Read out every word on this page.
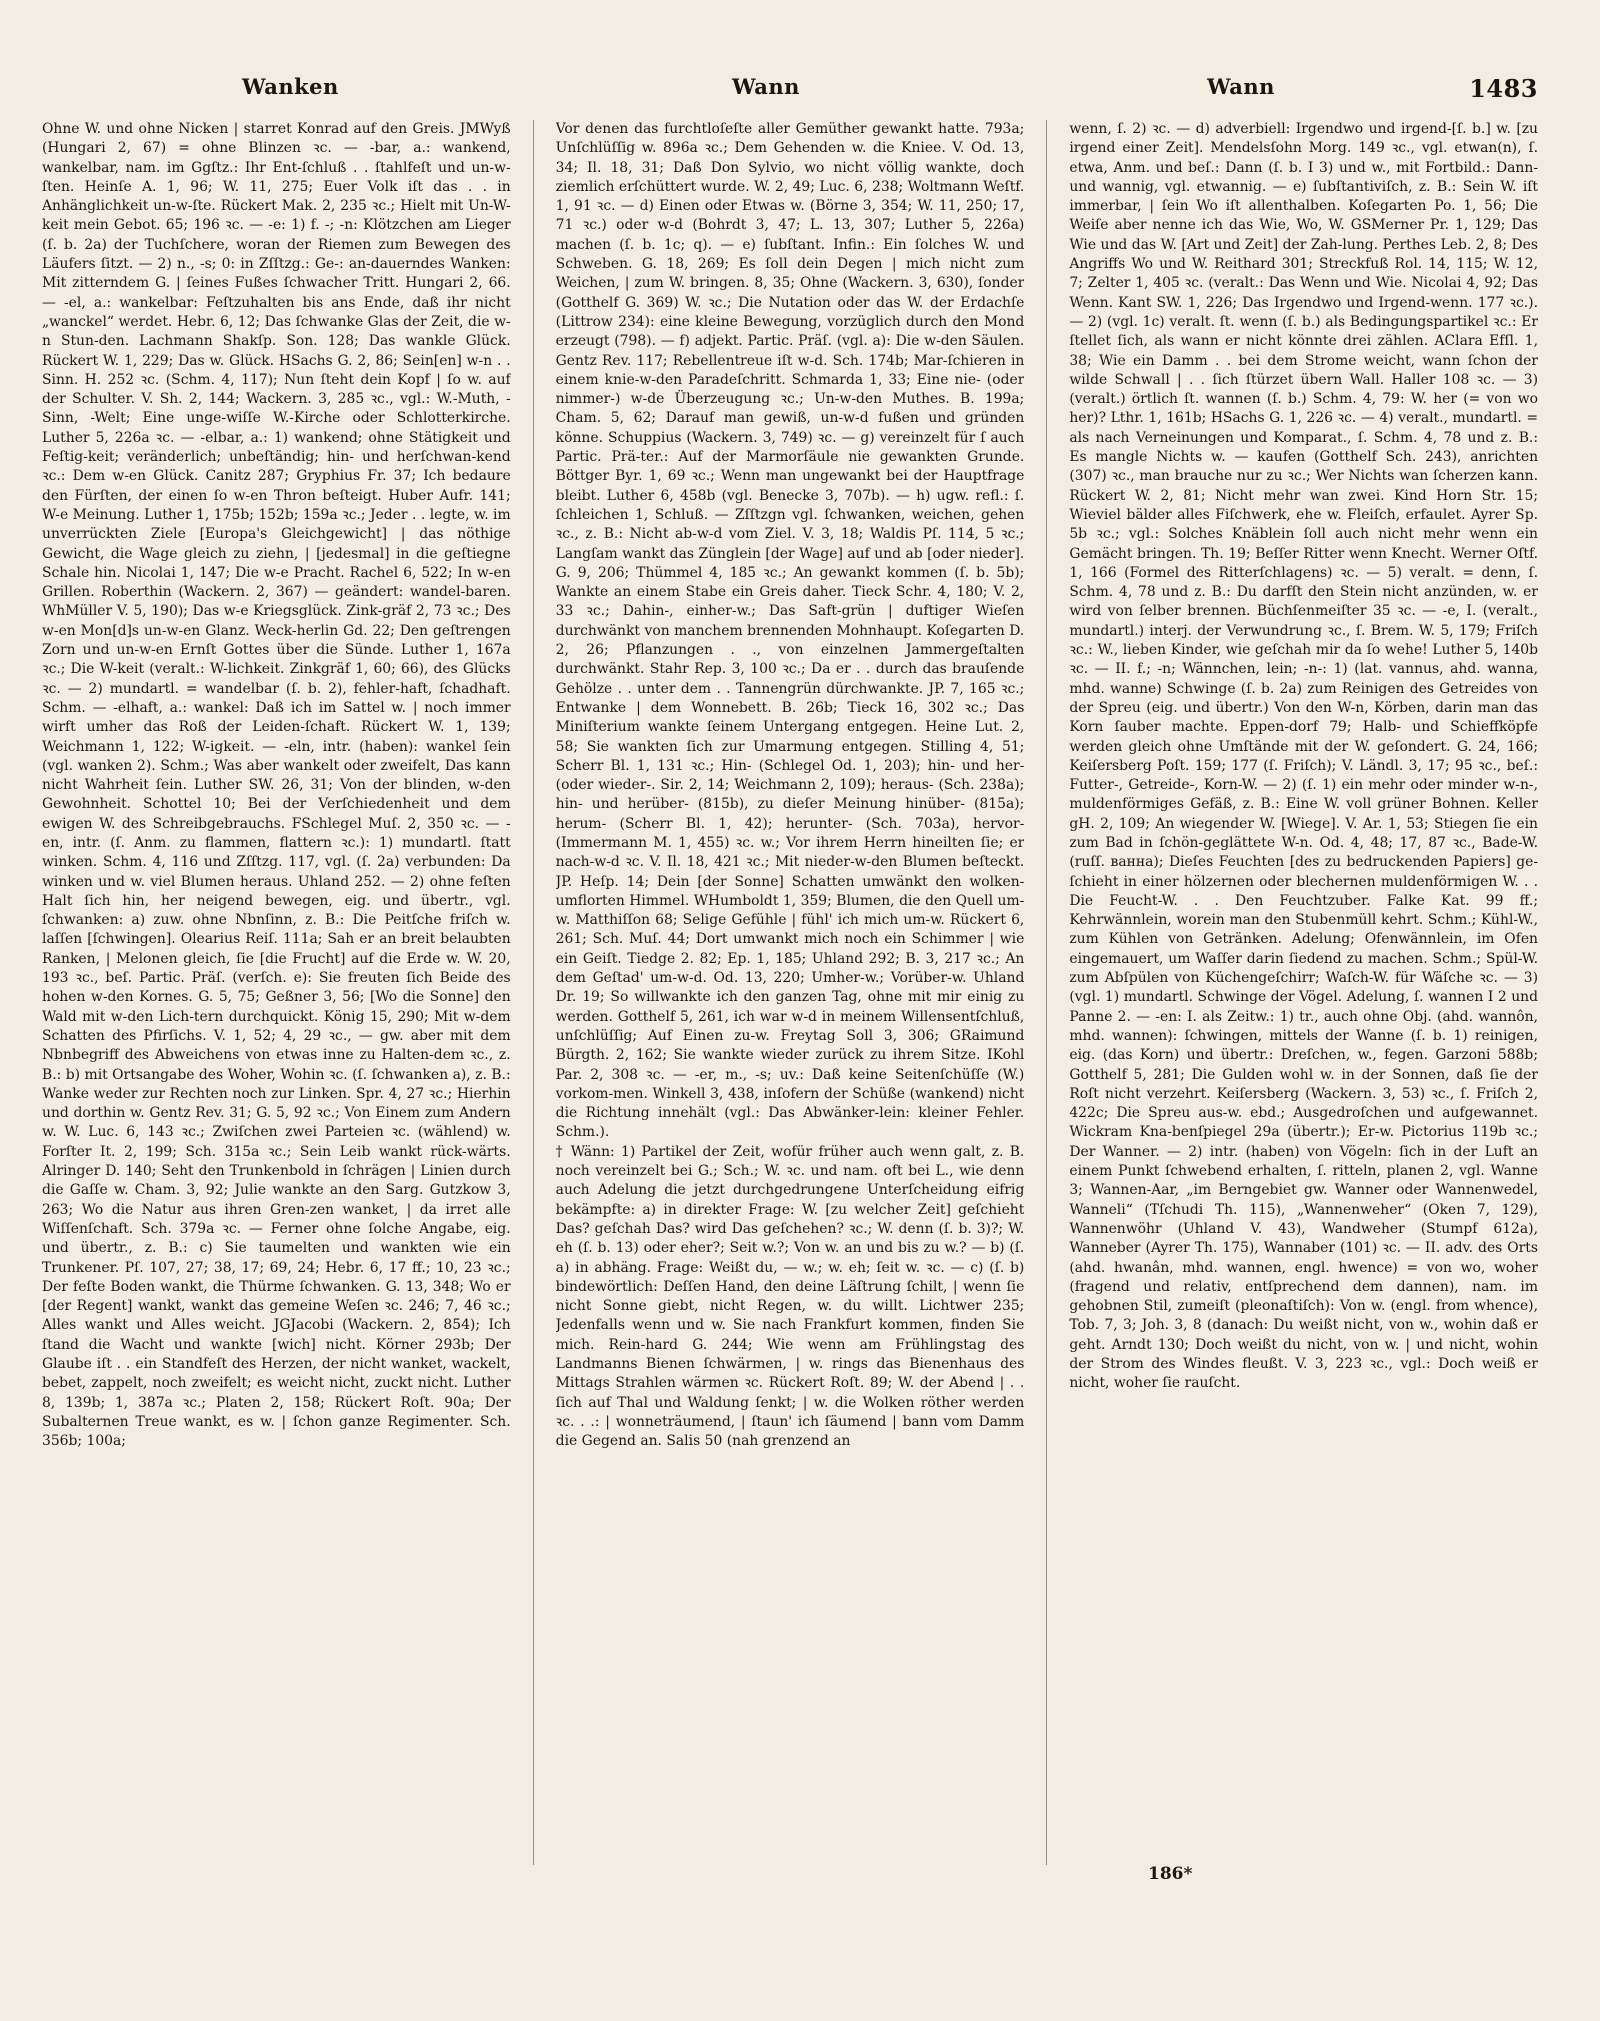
Wanken	Wann	Wann	1483

Ohne W. und ohne Nicken | starret Konrad auf den Greis. JMWyß (Hungari 2, 67) = ohne Blinzen ꝛc. — -bar, a.: wankend, wankelbar, nam. im Ggſtz.: Ihr Ent-ſchluß . . ſtahlfeſt und un-w-ſten. Heinſe A. 1, 96; W. 11, 275; Euer Volk iſt das . . in Anhänglichkeit un-w-ſte. Rückert Mak. 2, 235 ꝛc.; Hielt mit Un-W-keit mein Gebot. 65; 196 ꝛc. — -e: 1) f. -; -n: Klötzchen am Lieger (ſ. b. 2a) der Tuchſchere, woran der Riemen zum Bewegen des Läufers ſitzt. — 2) n., -s; 0: in Zſſtzg.: Ge-: an-dauerndes Wanken: Mit zitterndem G. | ſeines Fußes ſchwacher Tritt. Hungari 2, 66. — -el, a.: wankelbar: Feſtzuhalten bis ans Ende, daß ihr nicht „wanckel“ werdet. Hebr. 6, 12; Das ſchwanke Glas der Zeit, die w-n Stun-den. Lachmann Shakſp. Son. 128; Das wankle Glück. Rückert W. 1, 229; Das w. Glück. HSachs G. 2, 86; Sein[en] w-n . . Sinn. H. 252 ꝛc. (Schm. 4, 117); Nun ſteht dein Kopf | ſo w. auf der Schulter. V. Sh. 2, 144; Wackern. 3, 285 ꝛc., vgl.: W.-Muth, -Sinn, -Welt; Eine unge-wiſſe W.-Kirche oder Schlotterkirche. Luther 5, 226a ꝛc. — -elbar, a.: 1) wankend; ohne Stätigkeit und Feſtig-keit; veränderlich; unbeſtändig; hin- und herſchwan-kend ꝛc.: Dem w-en Glück. Canitz 287; Gryphius Fr. 37; Ich bedaure den Fürſten, der einen ſo w-en Thron beſteigt. Huber Aufr. 141; W-e Meinung. Luther 1, 175b; 152b; 159a ꝛc.; Jeder . . legte, w. im unverrückten Ziele [Europa's Gleichgewicht] | das nöthige Gewicht, die Wage gleich zu ziehn, | [jedesmal] in die geſtiegne Schale hin. Nicolai 1, 147; Die w-e Pracht. Rachel 6, 522; In w-en Grillen. Roberthin (Wackern. 2, 367) — geändert: wandel-baren. WhMüller V. 5, 190); Das w-e Kriegsglück. Zink-gräf 2, 73 ꝛc.; Des w-en Mon[d]s un-w-en Glanz. Weck-herlin Gd. 22; Den geſtrengen Zorn und un-w-en Ernſt Gottes über die Sünde. Luther 1, 167a ꝛc.; Die W-keit (veralt.: W-lichkeit. Zinkgräf 1, 60; 66), des Glücks ꝛc. — 2) mundartl. = wandelbar (ſ. b. 2), fehler-haft, ſchadhaft. Schm. — -elhaft, a.: wankel: Daß ich im Sattel w. | noch immer wirft umher das Roß der Leiden-ſchaft. Rückert W. 1, 139; Weichmann 1, 122; W-igkeit. — -eln, intr. (haben): wankel ſein (vgl. wanken 2). Schm.; Was aber wankelt oder zweifelt, Das kann nicht Wahrheit ſein. Luther SW. 26, 31; Von der blinden, w-den Gewohnheit. Schottel 10; Bei der Verſchiedenheit und dem ewigen W. des Schreibgebrauchs. FSchlegel Muſ. 2, 350 ꝛc. — -en, intr. (ſ. Anm. zu flammen, flattern ꝛc.): 1) mundartl. ſtatt winken. Schm. 4, 116 und Zſſtzg. 117, vgl. (ſ. 2a) verbunden: Da winken und w. viel Blumen heraus. Uhland 252. — 2) ohne feſten Halt ſich hin, her neigend bewegen, eig. und übertr., vgl. ſchwanken: a) zuw. ohne Nbnſinn, z. B.: Die Peitſche friſch w. laſſen [ſchwingen]. Olearius Reiſ. 111a; Sah er an breit belaubten Ranken, | Melonen gleich, ſie [die Frucht] auf die Erde w. W. 20, 193 ꝛc., beſ. Partic. Präſ. (verſch. e): Sie freuten ſich Beide des hohen w-den Kornes. G. 5, 75; Geßner 3, 56; [Wo die Sonne] den Wald mit w-den Lich-tern durchquickt. König 15, 290; Mit w-dem Schatten des Pfirſichs. V. 1, 52; 4, 29 ꝛc., — gw. aber mit dem Nbnbegriff des Abweichens von etwas inne zu Halten-dem ꝛc., z. B.: b) mit Ortsangabe des Woher, Wohin ꝛc. (ſ. ſchwanken a), z. B.: Wanke weder zur Rechten noch zur Linken. Spr. 4, 27 ꝛc.; Hierhin und dorthin w. Gentz Rev. 31; G. 5, 92 ꝛc.; Von Einem zum Andern w. W. Luc. 6, 143 ꝛc.; Zwiſchen zwei Parteien ꝛc. (wählend) w. Forſter It. 2, 199; Sch. 315a ꝛc.; Sein Leib wankt rück-wärts. Alringer D. 140; Seht den Trunkenbold in ſchrägen | Linien durch die Gaſſe w. Cham. 3, 92; Julie wankte an den Sarg. Gutzkow 3, 263; Wo die Natur aus ihren Gren-zen wanket, | da irret alle Wiſſenſchaft. Sch. 379a ꝛc. — Ferner ohne ſolche Angabe, eig. und übertr., z. B.: c) Sie taumelten und wankten wie ein Trunkener. Pſ. 107, 27; 38, 17; 69, 24; Hebr. 6, 17 ff.; 10, 23 ꝛc.; Der feſte Boden wankt, die Thürme ſchwanken. G. 13, 348; Wo er [der Regent] wankt, wankt das gemeine Weſen ꝛc. 246; 7, 46 ꝛc.; Alles wankt und Alles weicht. JGJacobi (Wackern. 2, 854); Ich ſtand die Wacht und wankte [wich] nicht. Körner 293b; Der Glaube iſt . . ein Standfeſt des Herzen, der nicht wanket, wackelt, bebet, zappelt, noch zweifelt; es weicht nicht, zuckt nicht. Luther 8, 139b; 1, 387a ꝛc.; Platen 2, 158; Rückert Roſt. 90a; Der Subalternen Treue wankt, es w. | ſchon ganze Regimenter. Sch. 356b; 100a;

Vor denen das furchtloſeſte aller Gemüther gewankt hatte. 793a; Unſchlüſſig w. 896a ꝛc.; Dem Gehenden w. die Kniee. V. Od. 13, 34; Il. 18, 31; Daß Don Sylvio, wo nicht völlig wankte, doch ziemlich erſchüttert wurde. W. 2, 49; Luc. 6, 238; Woltmann Weſtf. 1, 91 ꝛc. — d) Einen oder Etwas w. (Börne 3, 354; W. 11, 250; 17, 71 ꝛc.) oder w-d (Bohrdt 3, 47; L. 13, 307; Luther 5, 226a) machen (ſ. b. 1c; q). — e) ſubſtant. Infin.: Ein ſolches W. und Schweben. G. 18, 269; Es ſoll dein Degen | mich nicht zum Weichen, | zum W. bringen. 8, 35; Ohne (Wackern. 3, 630), ſonder (Gotthelf G. 369) W. ꝛc.; Die Nutation oder das W. der Erdachſe (Littrow 234): eine kleine Bewegung, vorzüglich durch den Mond erzeugt (798). — f) adjekt. Partic. Präſ. (vgl. a): Die w-den Säulen. Gentz Rev. 117; Rebellentreue iſt w-d. Sch. 174b; Mar-ſchieren in einem knie-w-den Paradeſchritt. Schmarda 1, 33; Eine nie- (oder nimmer-) w-de Überzeugung ꝛc.; Un-w-den Muthes. B. 199a; Cham. 5, 62; Darauf man gewiß, un-w-d fußen und gründen könne. Schuppius (Wackern. 3, 749) ꝛc. — g) vereinzelt für ſ auch Partic. Prä-ter.: Auf der Marmorſäule nie gewankten Grunde. Böttger Byr. 1, 69 ꝛc.; Wenn man ungewankt bei der Hauptfrage bleibt. Luther 6, 458b (vgl. Benecke 3, 707b). — h) ugw. refl.: ſ. ſchleichen 1, Schluß. — Zſſtzgn vgl. ſchwanken, weichen, gehen ꝛc., z. B.: Nicht ab-w-d vom Ziel. V. 3, 18; Waldis Pſ. 114, 5 ꝛc.; Langſam wankt das Zünglein [der Wage] auf und ab [oder nieder]. G. 9, 206; Thümmel 4, 185 ꝛc.; An gewankt kommen (ſ. b. 5b); Wankte an einem Stabe ein Greis daher. Tieck Schr. 4, 180; V. 2, 33 ꝛc.; Dahin-, einher-w.; Das Saft-grün | duftiger Wieſen durchwänkt von manchem brennenden Mohnhaupt. Koſegarten D. 2, 26; Pflanzungen . ., von einzelnen Jammergeſtalten durchwänkt. Stahr Rep. 3, 100 ꝛc.; Da er . . durch das brauſende Gehölze . . unter dem . . Tannengrün dürchwankte. JP. 7, 165 ꝛc.; Entwanke | dem Wonnebett. B. 26b; Tieck 16, 302 ꝛc.; Das Miniſterium wankte ſeinem Untergang entgegen. Heine Lut. 2, 58; Sie wankten ſich zur Umarmung entgegen. Stilling 4, 51; Scherr Bl. 1, 131 ꝛc.; Hin- (Schlegel Od. 1, 203); hin- und her- (oder wieder-. Sir. 2, 14; Weichmann 2, 109); heraus- (Sch. 238a); hin- und herüber- (815b), zu dieſer Meinung hinüber- (815a); herum- (Scherr Bl. 1, 42); herunter- (Sch. 703a), hervor- (Immermann M. 1, 455) ꝛc. w.; Vor ihrem Herrn hineilten ſie; er nach-w-d ꝛc. V. Il. 18, 421 ꝛc.; Mit nieder-w-den Blumen beſteckt. JP. Heſp. 14; Dein [der Sonne] Schatten umwänkt den wolken-umflorten Himmel. WHumboldt 1, 359; Blumen, die den Quell um-w. Matthiſſon 68; Selige Gefühle | fühl' ich mich um-w. Rückert 6, 261; Sch. Muſ. 44; Dort umwankt mich noch ein Schimmer | wie ein Geiſt. Tiedge 2. 82; Ep. 1, 185; Uhland 292; B. 3, 217 ꝛc.; An dem Geſtad' um-w-d. Od. 13, 220; Umher-w.; Vorüber-w. Uhland Dr. 19; So willwankte ich den ganzen Tag, ohne mit mir einig zu werden. Gotthelf 5, 261, ich war w-d in meinem Willensentſchluß, unſchlüſſig; Auf Einen zu-w. Freytag Soll 3, 306; GRaimund Bürgth. 2, 162; Sie wankte wieder zurück zu ihrem Sitze. IKohl Par. 2, 308 ꝛc. — -er, m., -s; uv.: Daß keine Seitenſchüſſe (W.) vorkom-men. Winkell 3, 438, inſofern der Schüße (wankend) nicht die Richtung innehält (vgl.: Das Abwänker-lein: kleiner Fehler. Schm.).
† Wänn: 1) Partikel der Zeit, wofür früher auch wenn galt, z. B. noch vereinzelt bei G.; Sch.; W. ꝛc. und nam. oft bei L., wie denn auch Adelung die jetzt durchgedrungene Unterſcheidung eifrig bekämpfte: a) in direkter Frage: W. [zu welcher Zeit] geſchieht Das? geſchah Das? wird Das geſchehen? ꝛc.; W. denn (ſ. b. 3)?; W. eh (ſ. b. 13) oder eher?; Seit w.?; Von w. an und bis zu w.? — b) (ſ. a) in abhäng. Frage: Weißt du, — w.; w. eh; ſeit w. ꝛc. — c) (ſ. b) bindewörtlich: Deſſen Hand, den deine Läſtrung ſchilt, | wenn ſie nicht Sonne giebt, nicht Regen, w. du willt. Lichtwer 235; Jedenfalls wenn und w. Sie nach Frankfurt kommen, finden Sie mich. Rein-hard G. 244; Wie wenn am Frühlingstag des Landmanns Bienen ſchwärmen, | w. rings das Bienenhaus des Mittags Strahlen wärmen ꝛc. Rückert Roſt. 89; W. der Abend | . . ſich auf Thal und Waldung ſenkt; | w. die Wolken röther werden ꝛc. . .: | wonneträumend, | ſtaun' ich ſäumend | bann vom Damm die Gegend an. Salis 50 (nah grenzend an

wenn, ſ. 2) ꝛc. — d) adverbiell: Irgendwo und irgend-[ſ. b.] w. [zu irgend einer Zeit]. Mendelsſohn Morg. 149 ꝛc., vgl. etwan(n), ſ. etwa, Anm. und beſ.: Dann (ſ. b. I 3) und w., mit Fortbild.: Dann- und wannig, vgl. etwannig. — e) ſubſtantiviſch, z. B.: Sein W. iſt immerbar, | ſein Wo iſt allenthalben. Koſegarten Po. 1, 56; Die Weiſe aber nenne ich das Wie, Wo, W. GSMerner Pr. 1, 129; Das Wie und das W. [Art und Zeit] der Zah-lung. Perthes Leb. 2, 8; Des Angriffs Wo und W. Reithard 301; Streckfuß Rol. 14, 115; W. 12, 7; Zelter 1, 405 ꝛc. (veralt.: Das Wenn und Wie. Nicolai 4, 92; Das Wenn. Kant SW. 1, 226; Das Irgendwo und Irgend-wenn. 177 ꝛc.). — 2) (vgl. 1c) veralt. ſt. wenn (ſ. b.) als Bedingungspartikel ꝛc.: Er ſtellet ſich, als wann er nicht könnte drei zählen. AClara Efſl. 1, 38; Wie ein Damm . . bei dem Strome weicht, wann ſchon der wilde Schwall | . . ſich ſtürzet übern Wall. Haller 108 ꝛc. — 3) (veralt.) örtlich ſt. wannen (ſ. b.) Schm. 4, 79: W. her (= von wo her)? Lthr. 1, 161b; HSachs G. 1, 226 ꝛc. — 4) veralt., mundartl. = als nach Verneinungen und Komparat., ſ. Schm. 4, 78 und z. B.: Es mangle Nichts w. — kaufen (Gotthelf Sch. 243), anrichten (307) ꝛc., man brauche nur zu ꝛc.; Wer Nichts wan ſcherzen kann. Rückert W. 2, 81; Nicht mehr wan zwei. Kind Horn Str. 15; Wieviel bälder alles Fiſchwerk, ehe w. Fleiſch, erfaulet. Ayrer Sp. 5b ꝛc.; vgl.: Solches Knäblein ſoll auch nicht mehr wenn ein Gemächt bringen. Th. 19; Beſſer Ritter wenn Knecht. Werner Oſtf. 1, 166 (Formel des Ritterſchlagens) ꝛc. — 5) veralt. = denn, ſ. Schm. 4, 78 und z. B.: Du darfſt den Stein nicht anzünden, w. er wird von ſelber brennen. Büchſenmeiſter 35 ꝛc. — -e, I. (veralt., mundartl.) interj. der Verwundrung ꝛc., ſ. Brem. W. 5, 179; Friſch ꝛc.: W., lieben Kinder, wie geſchah mir da ſo wehe! Luther 5, 140b ꝛc. — II. f.; -n; Wännchen, lein; -n-: 1) (lat. vannus, ahd. wanna, mhd. wanne) Schwinge (ſ. b. 2a) zum Reinigen des Getreides von der Spreu (eig. und übertr.) Von den W-n, Körben, darin man das Korn ſauber machte. Eppen-dorf 79; Halb- und Schieffköpfe werden gleich ohne Umſtände mit der W. geſondert. G. 24, 166; Keiſersberg Poſt. 159; 177 (ſ. Friſch); V. Ländl. 3, 17; 95 ꝛc., beſ.: Futter-, Getreide-, Korn-W. — 2) (ſ. 1) ein mehr oder minder w-n-, muldenförmiges Gefäß, z. B.: Eine W. voll grüner Bohnen. Keller gH. 2, 109; An wiegender W. [Wiege]. V. Ar. 1, 53; Stiegen ſie ein zum Bad in ſchön-geglättete W-n. Od. 4, 48; 17, 87 ꝛc., Bade-W. (ruſſ. ванна); Dieſes Feuchten [des zu bedruckenden Papiers] ge-ſchieht in einer hölzernen oder blechernen muldenförmigen W. . . Die Feucht-W. . . Den Feuchtzuber. Falke Kat. 99 ff.; Kehrwännlein, worein man den Stubenmüll kehrt. Schm.; Kühl-W., zum Kühlen von Getränken. Adelung; Ofenwännlein, im Ofen eingemauert, um Waſſer darin ſiedend zu machen. Schm.; Spül-W. zum Abſpülen von Küchengeſchirr; Waſch-W. für Wäſche ꝛc. — 3) (vgl. 1) mundartl. Schwinge der Vögel. Adelung, ſ. wannen I 2 und Panne 2. — -en: I. als Zeitw.: 1) tr., auch ohne Obj. (ahd. wannôn, mhd. wannen): ſchwingen, mittels der Wanne (ſ. b. 1) reinigen, eig. (das Korn) und übertr.: Dreſchen, w., fegen. Garzoni 588b; Gotthelf 5, 281; Die Gulden wohl w. in der Sonnen, daß ſie der Roſt nicht verzehrt. Keiſersberg (Wackern. 3, 53) ꝛc., ſ. Friſch 2, 422c; Die Spreu aus-w. ebd.; Ausgedroſchen und aufgewannet. Wickram Kna-benſpiegel 29a (übertr.); Er-w. Pictorius 119b ꝛc.; Der Wanner. — 2) intr. (haben) von Vögeln: ſich in der Luft an einem Punkt ſchwebend erhalten, ſ. ritteln, planen 2, vgl. Wanne 3; Wannen-Aar, „im Berngebiet gw. Wanner oder Wannenwedel, Wanneli“ (Tſchudi Th. 115), „Wannenweher“ (Oken 7, 129), Wannenwöhr (Uhland V. 43), Wandweher (Stumpf 612a), Wanneber (Ayrer Th. 175), Wannaber (101) ꝛc. — II. adv. des Orts (ahd. hwanân, mhd. wannen, engl. hwence) = von wo, woher (fragend und relativ, entſprechend dem dannen), nam. im gehobnen Stil, zumeiſt (pleonaſtiſch): Von w. (engl. from whence), Tob. 7, 3; Joh. 3, 8 (danach: Du weißt nicht, von w., wohin daß er geht. Arndt 130; Doch weißt du nicht, von w. | und nicht, wohin der Strom des Windes fleußt. V. 3, 223 ꝛc., vgl.: Doch weiß er nicht, woher ſie rauſcht.

186*
